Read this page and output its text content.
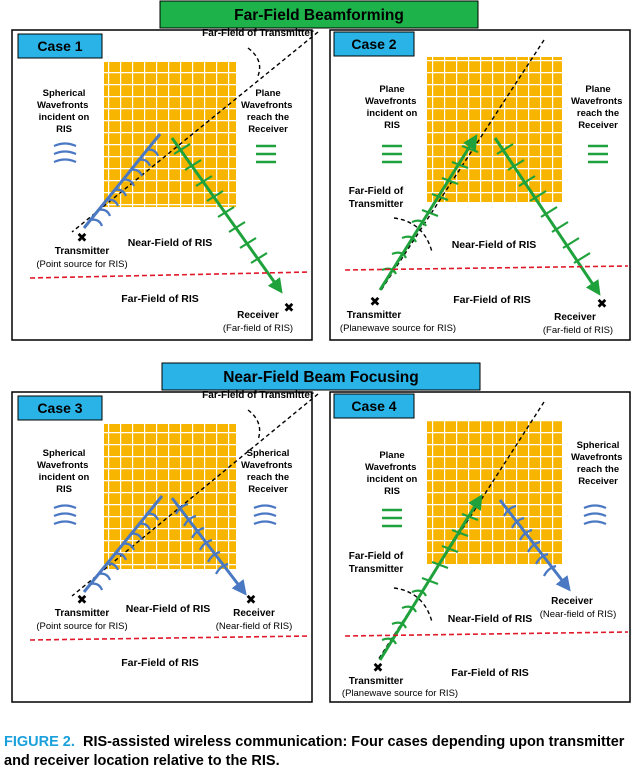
Far-Field Beamforming
Near-Field Beam Focusing
Case 1
Far-Field of Transmitter
Spherical Wavefronts incident on RIS
Plane Wavefronts reach the Receiver
Near-Field of RIS
Far-Field of RIS
✖
Transmitter
(Point source for RIS)
✖
Receiver
(Far-field of RIS)
Case 2
Far-Field of Transmitter
Plane Wavefronts incident on RIS
Plane Wavefronts reach the Receiver
Near-Field of RIS
Far-Field of RIS
✖
Transmitter
(Planewave source for RIS)
✖
Receiver
(Far-field of RIS)
Case 3
Far-Field of Transmitter
Spherical Wavefronts incident on RIS
Spherical Wavefronts reach the Receiver
Near-Field of RIS
Far-Field of RIS
✖
Transmitter
(Point source for RIS)
✖
Receiver
(Near-field of RIS)
Case 4
Far-Field of Transmitter
Plane Wavefronts incident on RIS
Spherical Wavefronts reach the Receiver
Near-Field of RIS
Far-Field of RIS
✖
Transmitter
(Planewave source for RIS)
Receiver
(Near-field of RIS)
FIGURE 2. RIS-assisted wireless communication: Four cases depending upon transmitter and receiver location relative to the RIS.
